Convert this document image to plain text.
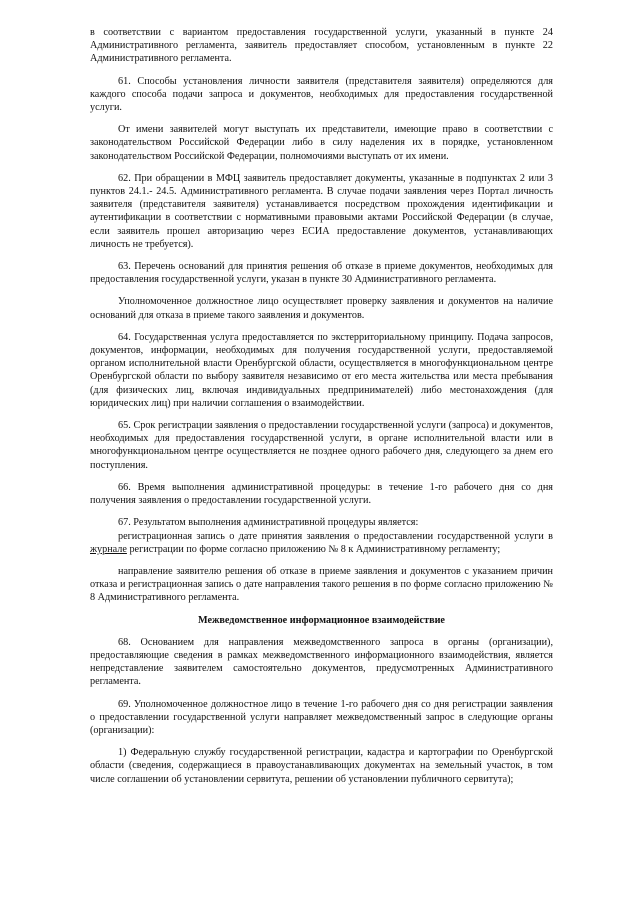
в соответствии с вариантом предоставления государственной услуги, указанный в пункте 24 Административного регламента, заявитель предоставляет способом, установленным в пункте 22 Административного регламента.

61. Способы установления личности заявителя (представителя заявителя) определяются для каждого способа подачи запроса и документов, необходимых для предоставления государственной услуги.

От имени заявителей могут выступать их представители, имеющие право в соответствии с законодательством Российской Федерации либо в силу наделения их в порядке, установленном законодательством Российской Федерации, полномочиями выступать от их имени.

62. При обращении в МФЦ заявитель предоставляет документы, указанные в подпунктах 2 или 3 пунктов 24.1.- 24.5. Административного регламента. В случае подачи заявления через Портал личность заявителя (представителя заявителя) устанавливается посредством прохождения идентификации и аутентификации в соответствии с нормативными правовыми актами Российской Федерации (в случае, если заявитель прошел авторизацию через ЕСИА предоставление документов, устанавливающих личность не требуется).

63. Перечень оснований для принятия решения об отказе в приеме документов, необходимых для предоставления государственной услуги, указан в пункте 30 Административного регламента.

Уполномоченное должностное лицо осуществляет проверку заявления и документов на наличие оснований для отказа в приеме такого заявления и документов.

64. Государственная услуга предоставляется по экстерриториальному принципу. Подача запросов, документов, информации, необходимых для получения государственной услуги, предоставляемой органом исполнительной власти Оренбургской области, осуществляется в многофункциональном центре Оренбургской области по выбору заявителя независимо от его места жительства или места пребывания (для физических лиц, включая индивидуальных предпринимателей) либо местонахождения (для юридических лиц) при наличии соглашения о взаимодействии.

65. Срок регистрации заявления о предоставлении государственной услуги (запроса) и документов, необходимых для предоставления государственной услуги, в органе исполнительной власти или в многофункциональном центре осуществляется не позднее одного рабочего дня, следующего за днем его поступления.

66. Время выполнения административной процедуры: в течение 1-го рабочего дня со дня получения заявления о предоставлении государственной услуги.

67. Результатом выполнения административной процедуры является:

регистрационная запись о дате принятия заявления о предоставлении государственной услуги в журнале регистрации по форме согласно приложению № 8 к Административному регламенту;

направление заявителю решения об отказе в приеме заявления и документов с указанием причин отказа и регистрационная запись о дате направления такого решения в по форме согласно приложению № 8 Административного регламента.

Межведомственное информационное взаимодействие

68. Основанием для направления межведомственного запроса в органы (организации), предоставляющие сведения в рамках межведомственного информационного взаимодействия, является непредставление заявителем самостоятельно документов, предусмотренных Административного регламента.

69. Уполномоченное должностное лицо в течение 1-го рабочего дня со дня регистрации заявления о предоставлении государственной услуги направляет межведомственный запрос в следующие органы (организации):

1) Федеральную службу государственной регистрации, кадастра и картографии по Оренбургской области (сведения, содержащиеся в правоустанавливающих документах на земельный участок, в том числе соглашении об установлении сервитута, решении об установлении публичного сервитута);
